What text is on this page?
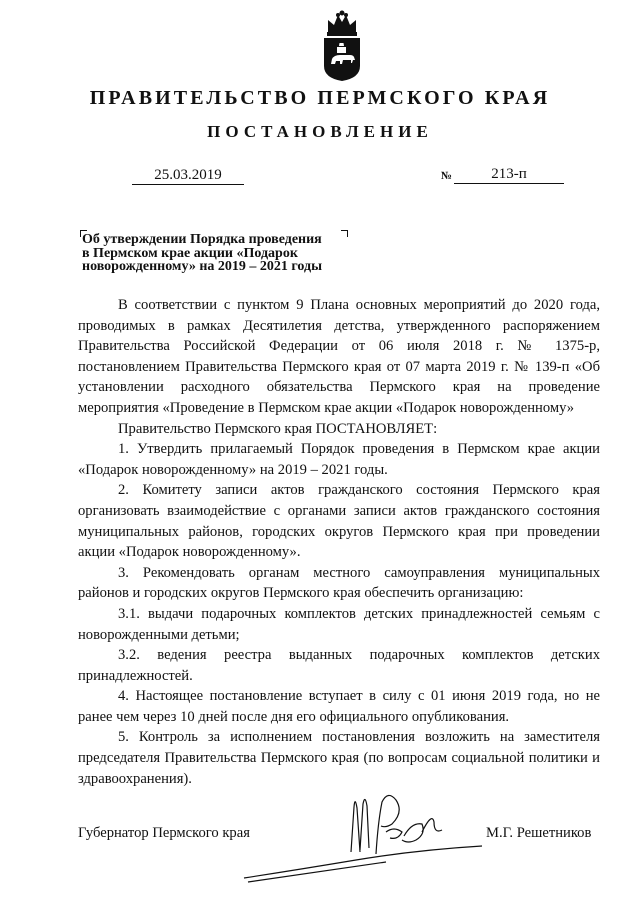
ПРАВИТЕЛЬСТВО ПЕРМСКОГО КРАЯ
ПОСТАНОВЛЕНИЕ
25.03.2019	№	213-п
Об утверждении Порядка проведения
в Пермском крае акции «Подарок
новорожденному» на 2019 – 2021 годы

В соответствии с пунктом 9 Плана основных мероприятий до 2020 года, проводимых в рамках Десятилетия детства, утвержденного распоряжением Правительства Российской Федерации от 06 июля 2018 г. № 1375-р, постановлением Правительства Пермского края от 07 марта 2019 г. № 139-п «Об установлении расходного обязательства Пермского края на проведение мероприятия «Проведение в Пермском крае акции «Подарок новорожденному»

Правительство Пермского края ПОСТАНОВЛЯЕТ:

1. Утвердить прилагаемый Порядок проведения в Пермском крае акции «Подарок новорожденному» на 2019 – 2021 годы.

2. Комитету записи актов гражданского состояния Пермского края организовать взаимодействие с органами записи актов гражданского состояния муниципальных районов, городских округов Пермского края при проведении акции «Подарок новорожденному».

3. Рекомендовать органам местного самоуправления муниципальных районов и городских округов Пермского края обеспечить организацию:

3.1. выдачи подарочных комплектов детских принадлежностей семьям с новорожденными детьми;

3.2. ведения реестра выданных подарочных комплектов детских принадлежностей.

4. Настоящее постановление вступает в силу с 01 июня 2019 года, но не ранее чем через 10 дней после дня его официального опубликования.

5. Контроль за исполнением постановления возложить на заместителя председателя Правительства Пермского края (по вопросам социальной политики и здравоохранения).

Губернатор Пермского края	М.Г. Решетников
